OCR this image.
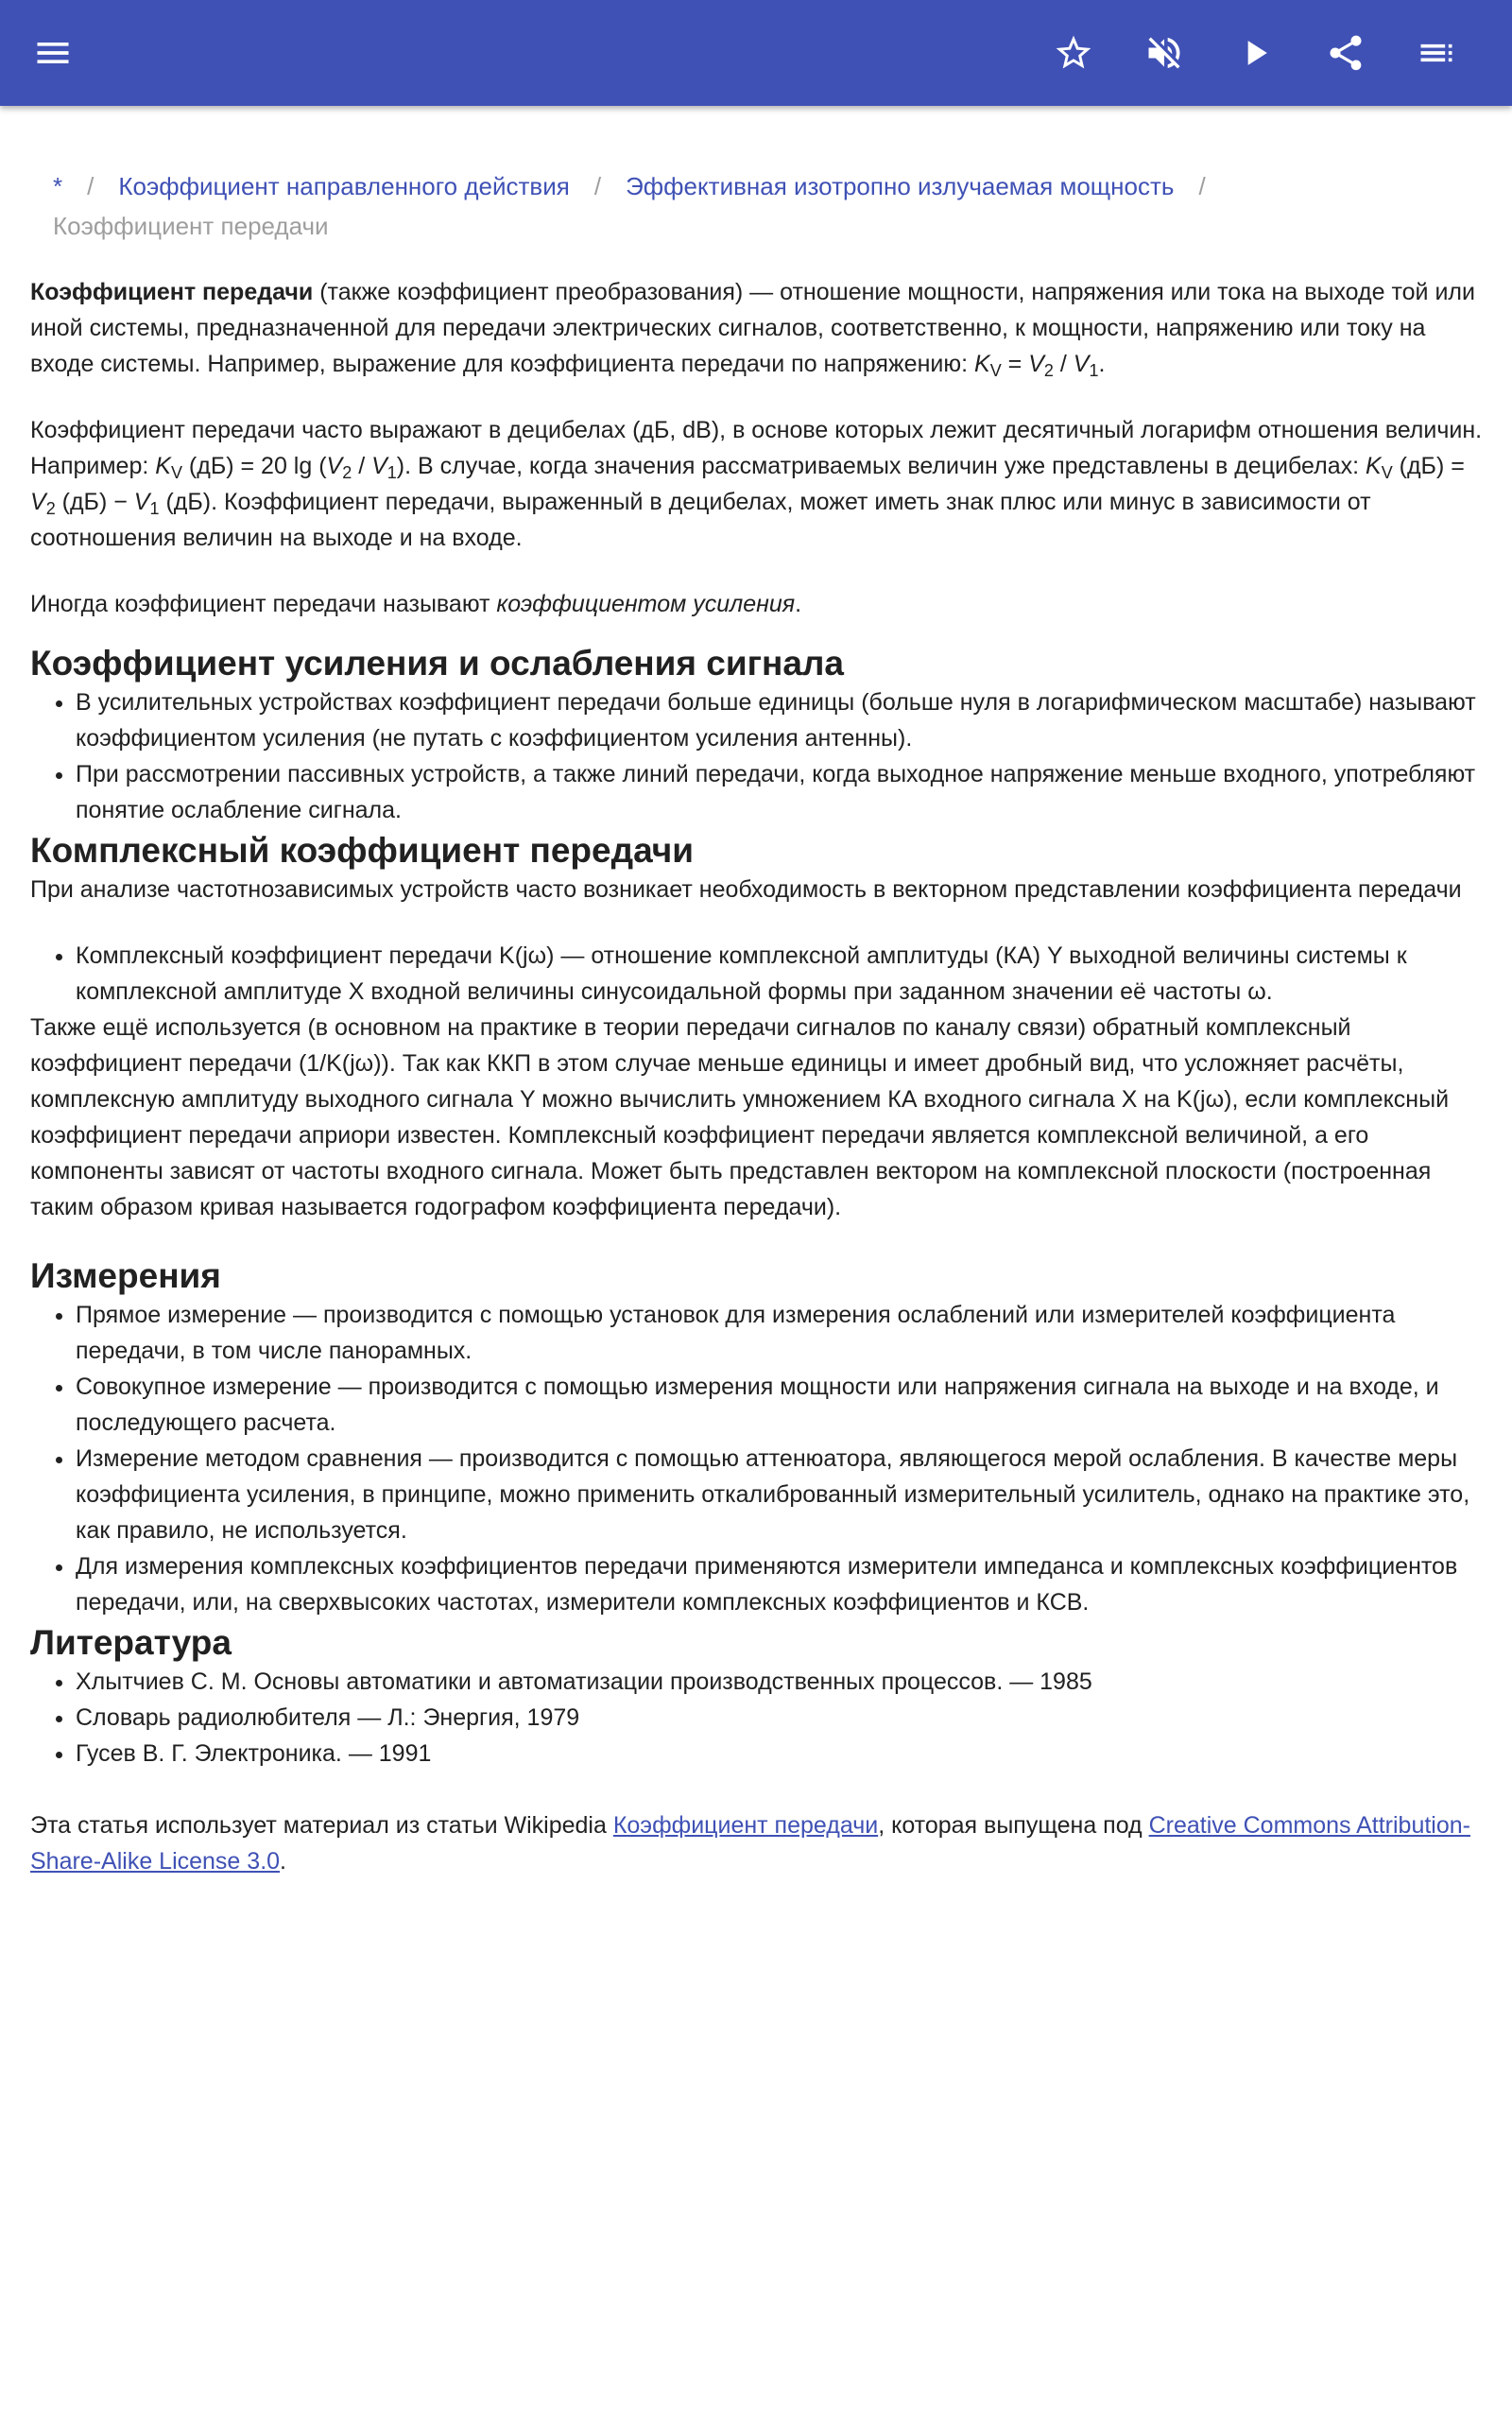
* / Коэффициент направленного действия / Эффективная изотропно излучаемая мощность /
Коэффициент передачи

Коэффициент передачи (также коэффициент преобразования) — отношение мощности, напряжения или тока на выходе той или иной системы, предназначенной для передачи электрических сигналов, соответственно, к мощности, напряжению или току на входе системы. Например, выражение для коэффициента передачи по напряжению: $K_V = V_2 / V_1$.

Коэффициент передачи часто выражают в децибелах (дБ, dB), в основе которых лежит десятичный логарифм отношения величин. Например: $K_V$ (дБ) = 20 $\lg (V_2 / V_1)$. В случае, когда значения рассматриваемых величин уже представлены в децибелах: $K_V$ $(дБ) = V_2$ $(дБ) - V_1$ (дБ). Коэффициент передачи, выраженный в децибелах, может иметь знак плюс или минус в зависимости от соотношения величин на выходе и на входе.

Иногда коэффициент передачи называют коэффициентом усиления.

Коэффициент усиления и ослабления сигнала
• В усилительных устройствах коэффициент передачи больше единицы (больше нуля в логарифмическом масштабе) называют коэффициентом усиления (не путать с коэффициентом усиления антенны).
• При рассмотрении пассивных устройств, а также линий передачи, когда выходное напряжение меньше входного, употребляют понятие ослабление сигнала.
Комплексный коэффициент передачи

При анализе частотнозависимых устройств часто возникает необходимость в векторном представлении коэффициента передачи

• Комплексный коэффициент передачи K(jω) — отношение комплексной амплитуды (КА) Y выходной величины системы к комплексной амплитуде X входной величины синусоидальной формы при заданном значении её частоты ω.

Также ещё используется (в основном на практике в теории передачи сигналов по каналу связи) обратный комплексный коэффициент передачи (1/K(jω)). Так как ККП в этом случае меньше единицы и имеет дробный вид, что усложняет расчёты, комплексную амплитуду выходного сигнала Y можно вычислить умножением КА входного сигнала X на K(jω), если комплексный коэффициент передачи априори известен. Комплексный коэффициент передачи является комплексной величиной, а его компоненты зависят от частоты входного сигнала. Может быть представлен вектором на комплексной плоскости (построенная таким образом кривая называется годографом коэффициента передачи).

Измерения
• Прямое измерение — производится с помощью установок для измерения ослаблений или измерителей коэффициента передачи, в том числе панорамных.
• Совокупное измерение — производится с помощью измерения мощности или напряжения сигнала на выходе и на входе, и последующего расчета.
• Измерение методом сравнения — производится с помощью аттенюатора, являющегося мерой ослабления. В качестве меры коэффициента усиления, в принципе, можно применить откалиброванный измерительный усилитель, однако на практике это, как правило, не используется.
• Для измерения комплексных коэффициентов передачи применяются измерители импеданса и комплексных коэффициентов передачи, или, на сверхвысоких частотах, измерители комплексных коэффициентов и КСВ.
Литература
• Хлытчиев С. М. Основы автоматики и автоматизации производственных процессов. — 1985
• Словарь радиолюбителя — Л.: Энергия, 1979
• Гусев В. Г. Электроника. — 1991

Эта статья использует материал из статьи Wikipedia Коэффициент передачи, которая выпущена под Creative Commons Attribution-Share-Alike License 3.0.
